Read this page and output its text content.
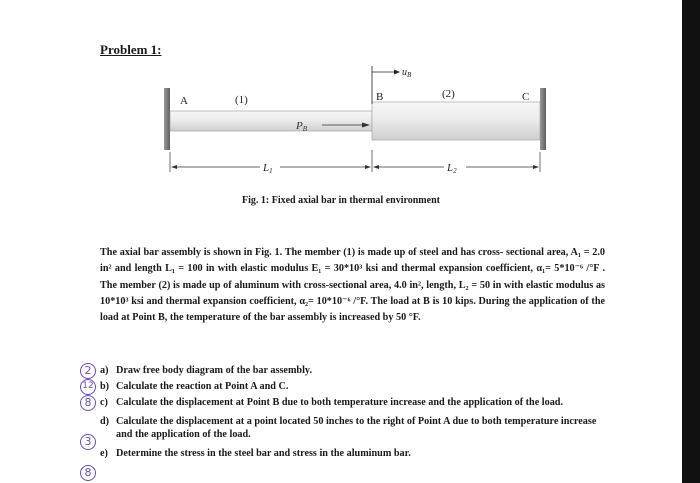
Problem 1:
$u_B$
A	B	C
(1)	(2)
PB
L1	L2
Fig. 1: Fixed axial bar in thermal environment

The axial bar assembly is shown in Fig. 1. The member (1) is made up of steel and has cross- sectional area, A₁ = 2.0 in² and length L₁ = 100 in with elastic modulus E₁ = 30*10³ ksi and thermal expansion coefficient, α₁= 5*10⁻⁶ /°F . The member (2) is made up of aluminum with cross-sectional area, 4.0 in², length, L₂ = 50 in with elastic modulus as 10*10³ ksi and thermal expansion coefficient, α₂= 10*10⁻⁶ /°F. The load at B is 10 kips. During the application of the load at Point B, the temperature of the bar assembly is increased by 50 °F.

a) Draw free body diagram of the bar assembly.
b) Calculate the reaction at Point A and C.
c) Calculate the displacement at Point B due to both temperature increase and the application of the load.
d) Calculate the displacement at a point located 50 inches to the right of Point A due to both temperature increase and the application of the load.
e) Determine the stress in the steel bar and stress in the aluminum bar.
2
12
8
3
8
